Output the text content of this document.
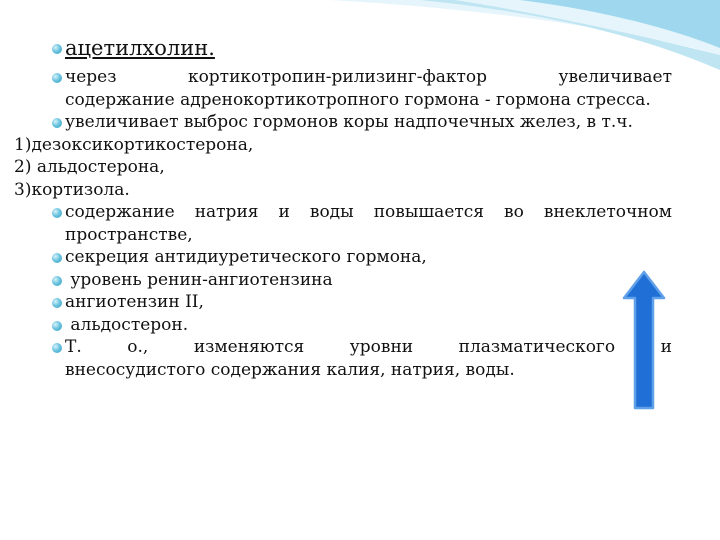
ацетилхолин.
через	кортикотропин-рилизинг-фактор	увеличивает
содержание адренокортикотропного гормона - гормона стресса.
увеличивает выброс гормонов коры надпочечных желез, в т.ч.
1)дезоксикортикостерона,
2) альдостерона,
3)кортизола.
содержание натрия и воды повышается во внеклеточном пространстве,
секреция антидиуретического гормона,
уровень ренин-ангиотензина
ангиотензин II,
альдостерон.
Т.	о.,	изменяются	уровни	плазматического	и
внесосудистого содержания калия, натрия, воды.
